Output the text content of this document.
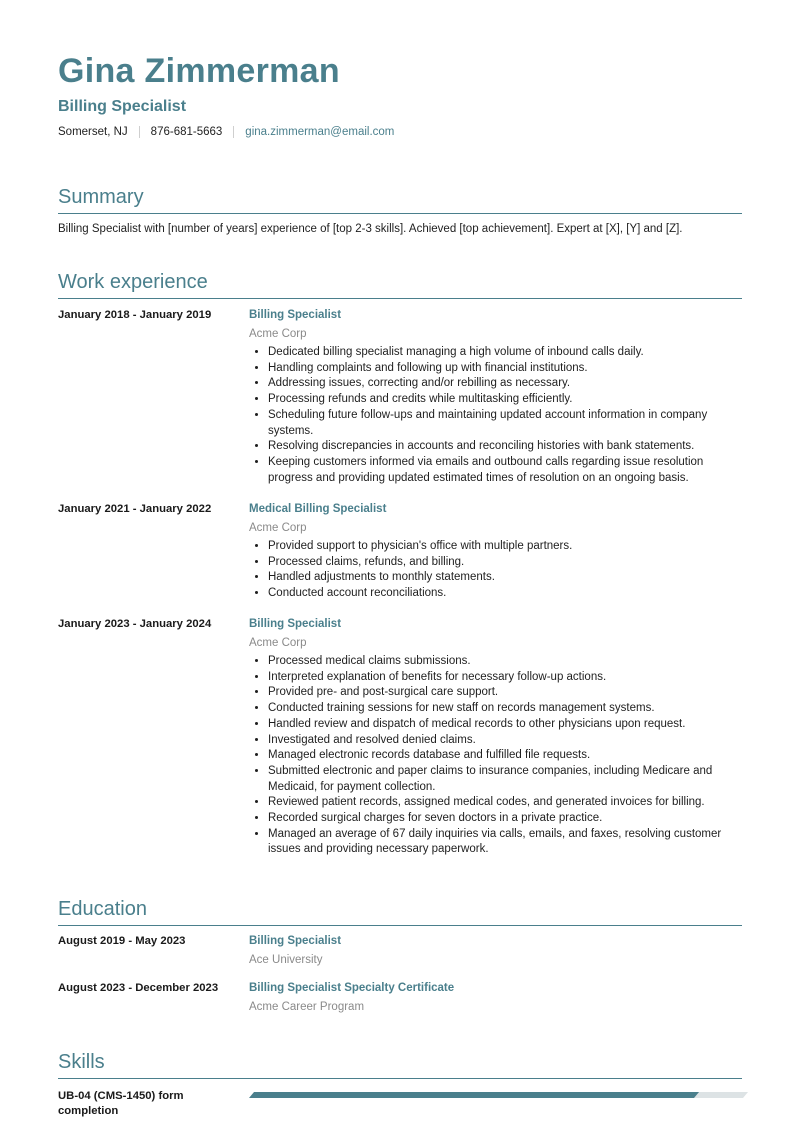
Gina Zimmerman
Billing Specialist
Somerset, NJ 876-681-5663 gina.zimmerman@email.com
Summary
Billing Specialist with [number of years] experience of [top 2-3 skills]. Achieved [top achievement]. Expert at [X], [Y] and [Z].
Work experience
January 2018 - January 2019	Billing Specialist
Acme Corp
• Dedicated billing specialist managing a high volume of inbound calls daily.
• Handling complaints and following up with financial institutions.
• Addressing issues, correcting and/or rebilling as necessary.
• Processing refunds and credits while multitasking efficiently.
• Scheduling future follow-ups and maintaining updated account information in company systems.
• Resolving discrepancies in accounts and reconciling histories with bank statements.
• Keeping customers informed via emails and outbound calls regarding issue resolution progress and providing updated estimated times of resolution on an ongoing basis.
January 2021 - January 2022	Medical Billing Specialist
Acme Corp
• Provided support to physician's office with multiple partners.
• Processed claims, refunds, and billing.
• Handled adjustments to monthly statements.
• Conducted account reconciliations.
January 2023 - January 2024	Billing Specialist
Acme Corp
• Processed medical claims submissions.
• Interpreted explanation of benefits for necessary follow-up actions.
• Provided pre- and post-surgical care support.
• Conducted training sessions for new staff on records management systems.
• Handled review and dispatch of medical records to other physicians upon request.
• Investigated and resolved denied claims.
• Managed electronic records database and fulfilled file requests.
• Submitted electronic and paper claims to insurance companies, including Medicare and Medicaid, for payment collection.
• Reviewed patient records, assigned medical codes, and generated invoices for billing.
• Recorded surgical charges for seven doctors in a private practice.
• Managed an average of 67 daily inquiries via calls, emails, and faxes, resolving customer issues and providing necessary paperwork.
Education
August 2019 - May 2023	Billing Specialist
Ace University
August 2023 - December 2023	Billing Specialist Specialty Certificate
Acme Career Program
Skills
UB-04 (CMS-1450) form completion
